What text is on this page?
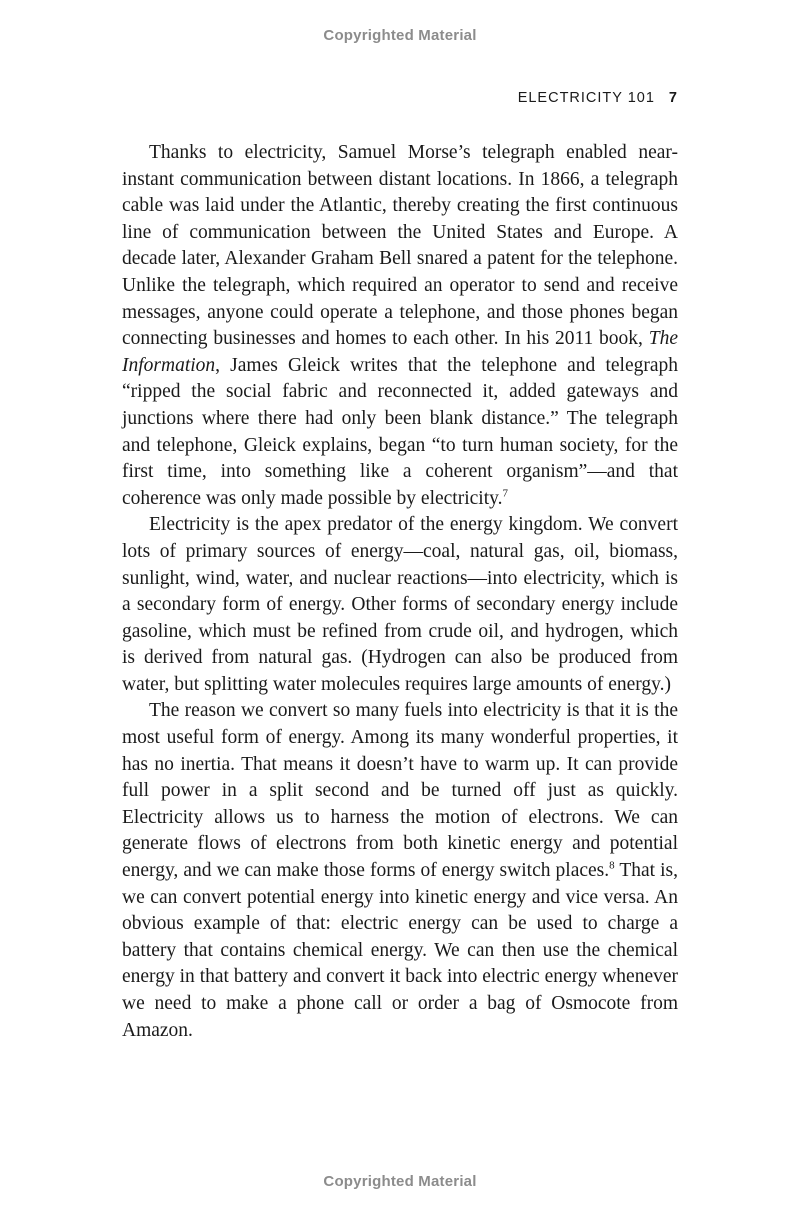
Copyrighted Material
ELECTRICITY 101 7

Thanks to electricity, Samuel Morse’s telegraph enabled near-instant communication between distant locations. In 1866, a telegraph cable was laid under the Atlantic, thereby creating the first continuous line of communication between the United States and Europe. A decade later, Alexander Graham Bell snared a patent for the telephone. Unlike the telegraph, which required an operator to send and receive messages, anyone could operate a telephone, and those phones began connecting businesses and homes to each other. In his 2011 book, The Information, James Gleick writes that the telephone and telegraph “ripped the social fabric and reconnected it, added gateways and junctions where there had only been blank distance.” The telegraph and telephone, Gleick explains, began “to turn human society, for the first time, into something like a coherent organism”—and that coherence was only made possible by electricity.$^7$

Electricity is the apex predator of the energy kingdom. We convert lots of primary sources of energy—coal, natural gas, oil, biomass, sunlight, wind, water, and nuclear reactions—into electricity, which is a secondary form of energy. Other forms of secondary energy include gasoline, which must be refined from crude oil, and hydrogen, which is derived from natural gas. (Hydrogen can also be produced from water, but splitting water molecules requires large amounts of energy.)

The reason we convert so many fuels into electricity is that it is the most useful form of energy. Among its many wonderful properties, it has no inertia. That means it doesn’t have to warm up. It can provide full power in a split second and be turned off just as quickly. Electricity allows us to harness the motion of electrons. We can generate flows of electrons from both kinetic energy and potential energy, and we can make those forms of energy switch places.$^8$ That is, we can convert potential energy into kinetic energy and vice versa. An obvious example of that: electric energy can be used to charge a battery that contains chemical energy. We can then use the chemical energy in that battery and convert it back into electric energy whenever we need to make a phone call or order a bag of Osmocote from Amazon.

Copyrighted Material
